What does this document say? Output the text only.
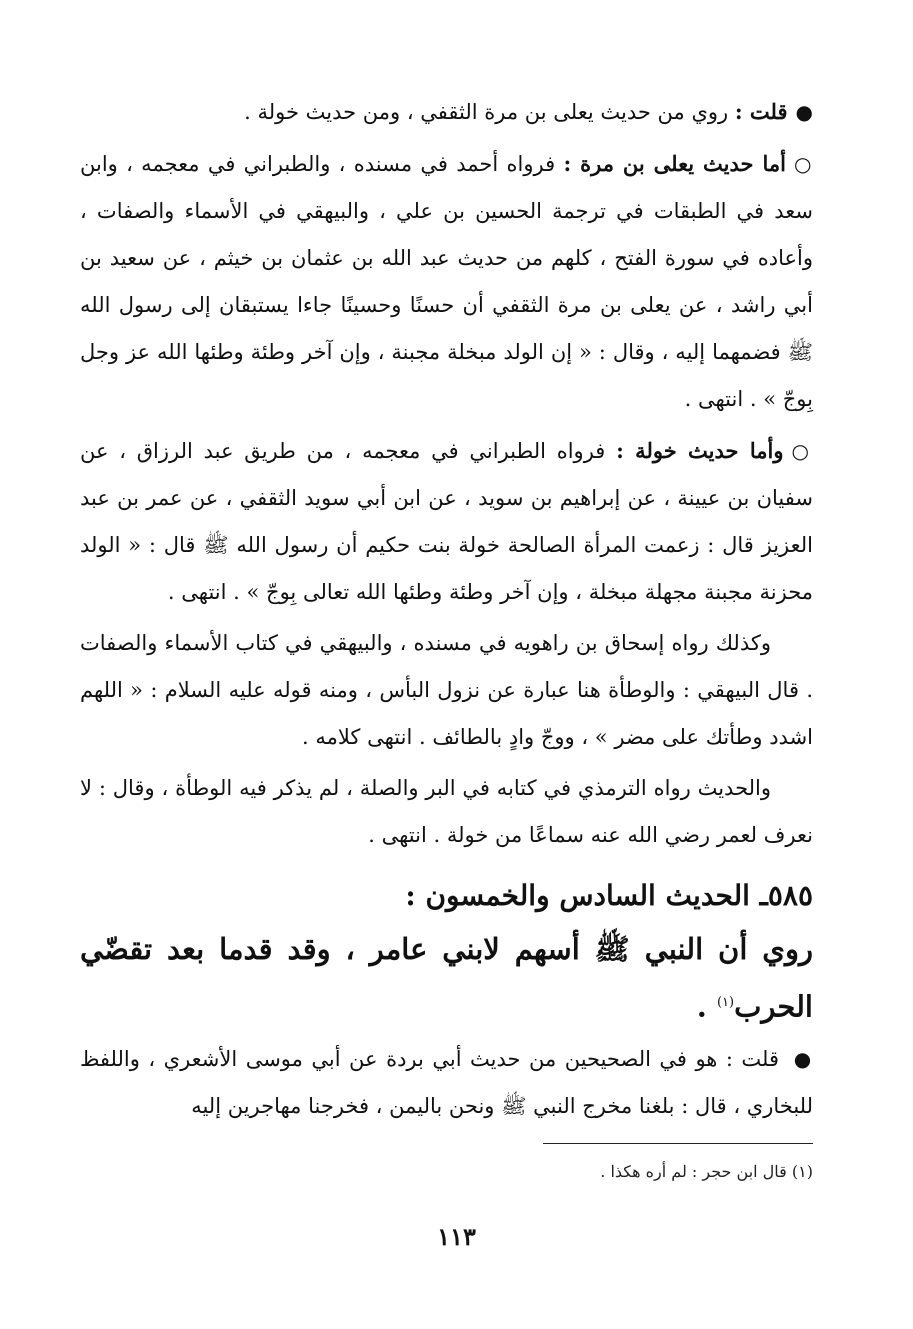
●قلت : روي من حديث يعلى بن مرة الثقفي ، ومن حديث خولة .

○أما حديث يعلى بن مرة : فرواه أحمد في مسنده ، والطبراني في معجمه ، وابن سعد في الطبقات في ترجمة الحسين بن علي ، والبيهقي في الأسماء والصفات ، وأعاده في سورة الفتح ، كلهم من حديث عبد الله بن عثمان بن خيثم ، عن سعيد بن أبي راشد ، عن يعلى بن مرة الثقفي أن حسنًا وحسينًا جاءا يستبقان إلى رسول الله ﷺ فضمهما إليه ، وقال : « إن الولد مبخلة مجبنة ، وإن آخر وطئة وطئها الله عز وجل بِوجّ » . انتهى .

○وأما حديث خولة : فرواه الطبراني في معجمه ، من طريق عبد الرزاق ، عن سفيان بن عيينة ، عن إبراهيم بن سويد ، عن ابن أبي سويد الثقفي ، عن عمر بن عبد العزيز قال : زعمت المرأة الصالحة خولة بنت حكيم أن رسول الله ﷺ قال : « الولد محزنة مجبنة مجهلة مبخلة ، وإن آخر وطئة وطئها الله تعالى بِوجّ » . انتهى .

وكذلك رواه إسحاق بن راهويه في مسنده ، والبيهقي في كتاب الأسماء والصفات . قال البيهقي : والوطأة هنا عبارة عن نزول البأس ، ومنه قوله عليه السلام : « اللهم اشدد وطأتك على مضر » ، ووجّ وادٍ بالطائف . انتهى كلامه .

والحديث رواه الترمذي في كتابه في البر والصلة ، لم يذكر فيه الوطأة ، وقال : لا نعرف لعمر رضي الله عنه سماعًا من خولة . انتهى .

٥٨٥ـ الحديث السادس والخمسون :
روي أن النبي ﷺ أسهم لابني عامر ، وقد قدما بعد تقضّي الحرب$^{(١)}$ .

● قلت : هو في الصحيحين من حديث أبي بردة عن أبي موسى الأشعري ، واللفظ للبخاري ، قال : بلغنا مخرج النبي ﷺ ونحن باليمن ، فخرجنا مهاجرين إليه

(١) قال ابن حجر : لم أره هكذا .
١١٣
